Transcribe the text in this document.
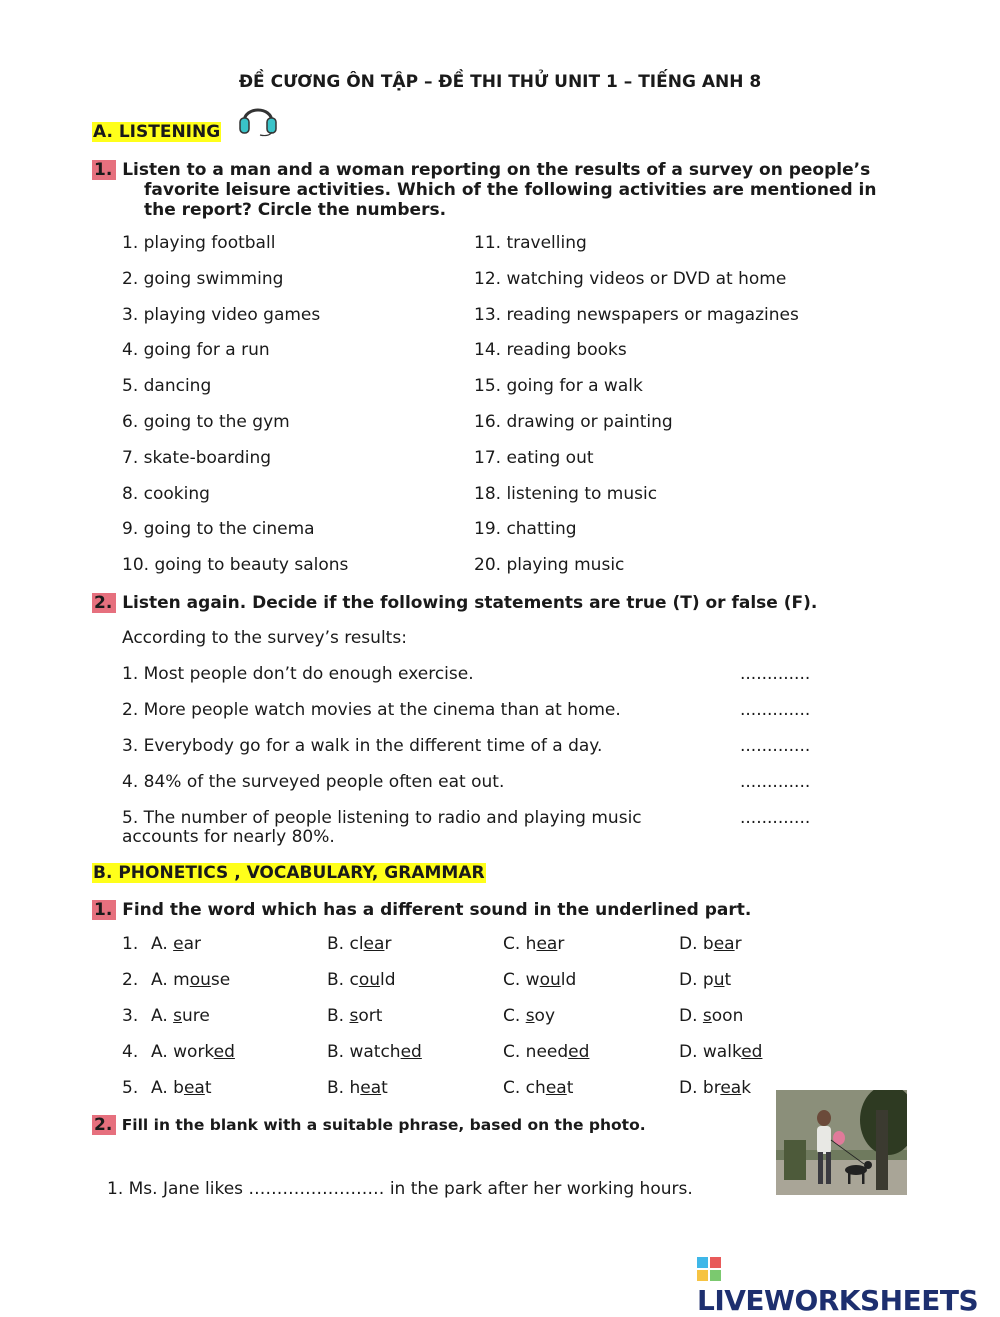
ĐỀ CƯƠNG ÔN TẬP – ĐỀ THI THỬ UNIT 1 – TIẾNG ANH 8
A. LISTENING
1. Listen to a man and a woman reporting on the results of a survey on people’s
favorite leisure activities. Which of the following activities are mentioned in
the report? Circle the numbers.
1. playing football
2. going swimming
3. playing video games
4. going for a run
5. dancing
6. going to the gym
7. skate-boarding
8. cooking
9. going to the cinema
10. going to beauty salons
11. travelling
12. watching videos or DVD at home
13. reading newspapers or magazines
14. reading books
15. going for a walk
16. drawing or painting
17. eating out
18. listening to music
19. chatting
20. playing music
2. Listen again. Decide if the following statements are true (T) or false (F).
According to the survey’s results:
1. Most people don’t do enough exercise.	.............
2. More people watch movies at the cinema than at home.	.............
3. Everybody go for a walk in the different time of a day.	.............
4. 84% of the surveyed people often eat out.	.............
5. The number of people listening to radio and playing music
accounts for nearly 80%.
.............
B. PHONETICS , VOCABULARY, GRAMMAR
1. Find the word which has a different sound in the underlined part.
1. A. ear	B. clear	C. hear	D. bear
2. A. mouse	B. could	C. would	D. put
3. A. sure	B. sort	C. soy	D. soon
4. A. worked	B. watched	C. needed	D. walked
5. A. beat	B. heat	C. cheat	D. break
2. Fill in the blank with a suitable phrase, based on the photo.
1. Ms. Jane likes …………………… in the park after her working hours.
LIVEWORKSHEETS
